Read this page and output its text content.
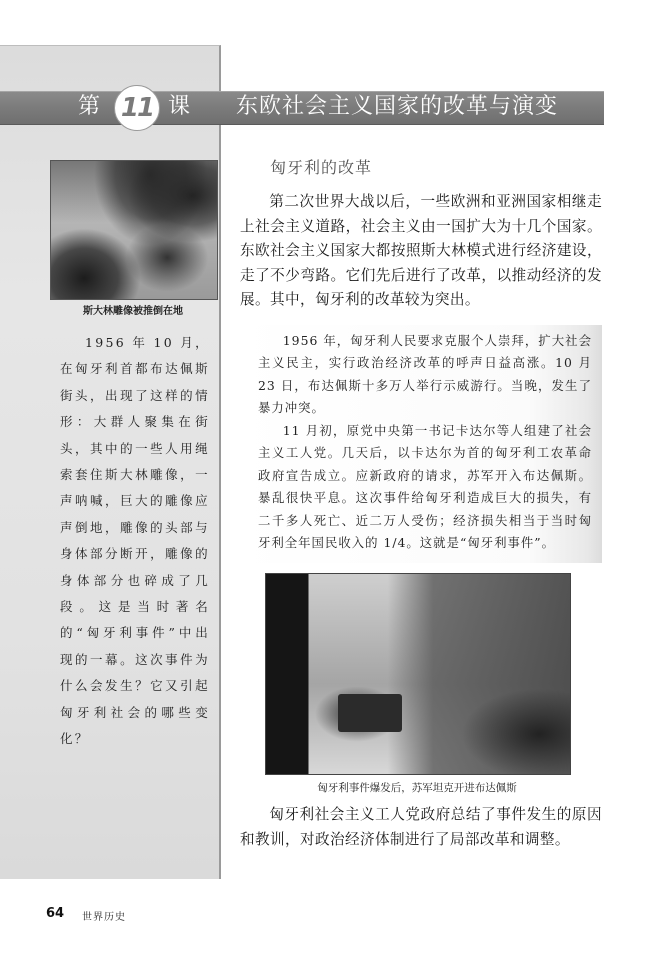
第 11 课 东欧社会主义国家的改革与演变
斯大林雕像被推倒在地
1956 年 10 月，在匈牙利首都布达佩斯街头，出现了这样的情形：大群人聚集在街头，其中的一些人用绳索套住斯大林雕像，一声呐喊，巨大的雕像应声倒地，雕像的头部与身体部分断开，雕像的身体部分也碎成了几段。这是当时著名的“匈牙利事件”中出现的一幕。这次事件为什么会发生？它又引起匈牙利社会的哪些变化？
匈牙利的改革

第二次世界大战以后，一些欧洲和亚洲国家相继走上社会主义道路，社会主义由一国扩大为十几个国家。东欧社会主义国家大都按照斯大林模式进行经济建设，走了不少弯路。它们先后进行了改革，以推动经济的发展。其中，匈牙利的改革较为突出。

1956 年，匈牙利人民要求克服个人崇拜，扩大社会主义民主，实行政治经济改革的呼声日益高涨。10 月 23 日，布达佩斯十多万人举行示威游行。当晚，发生了暴力冲突。

11 月初，原党中央第一书记卡达尔等人组建了社会主义工人党。几天后，以卡达尔为首的匈牙利工农革命政府宣告成立。应新政府的请求，苏军开入布达佩斯。暴乱很快平息。这次事件给匈牙利造成巨大的损失，有二千多人死亡、近二万人受伤；经济损失相当于当时匈牙利全年国民收入的 1/4。这就是“匈牙利事件”。

匈牙利事件爆发后，苏军坦克开进布达佩斯

匈牙利社会主义工人党政府总结了事件发生的原因和教训，对政治经济体制进行了局部改革和调整。

64 世界历史
